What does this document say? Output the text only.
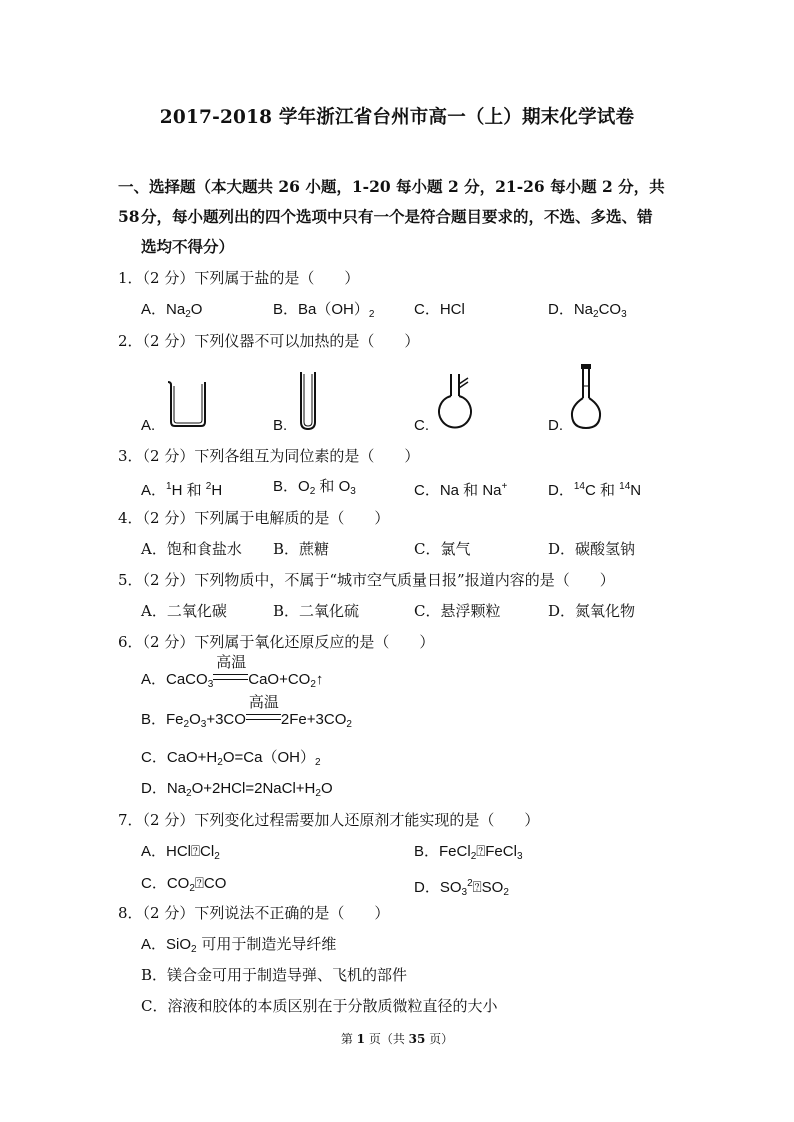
2017-2018 学年浙江省台州市高一（上）期末化学试卷
一、选择题（本大题共 26 小题，1-20 每小题 2 分，21-26 每小题 2 分，共 58 分，每小题列出的四个选项中只有一个是符合题目要求的，不选、多选、错
选均不得分）
1．（2 分）下列属于盐的是（　　）
A．$Na_2O$	B．$Ba(OH)_2$	C．HCl	D．$Na_2CO_3$
2．（2 分）下列仪器不可以加热的是（　　）
A.	B.	C.	D.
3．（2 分）下列各组互为同位素的是（　　）
A．$^1$H 和 $^2$H	B．$O_2$ 和 $O_3$	C．Na 和 Na+	D．$^{14}$C 和 $^{14}$N
4．（2 分）下列属于电解质的是（　　）
A．饱和食盐水 B．蔗糖	C．氯气	D．碳酸氢钠
5．（2 分）下列物质中，不属于“城市空气质量日报”报道内容的是（　　）
A．二氧化碳	B．二氧化硫	C．悬浮颗粒	D．氮氧化物
6．（2 分）下列属于氧化还原反应的是（　　）
A．CaCO$_3$
高温
$CaO+CO_2↑$
B．$Fe_2O_3+3CO$
高温
$2Fe+3CO_2$
C．$CaO+H_2O=Ca(OH)_2$
D．$Na_2O+2HCl=2NaCl+H_2O$
7．（2 分）下列变化过程需要加人还原剂才能实现的是（　　）
A．$HCl⍰Cl_2$	B．FeCl$_2$⍰FeCl$_3$
C．$CO_2⍰CO$	D．$SO_3^2⍰SO_2$
8．（2 分）下列说法不正确的是（　　）
A．SiO$_2$ 可用于制造光导纤维
B．镁合金可用于制造导弹、飞机的部件
C．溶液和胶体的本质区别在于分散质微粒直径的大小
第 1 页（共 35 页）
